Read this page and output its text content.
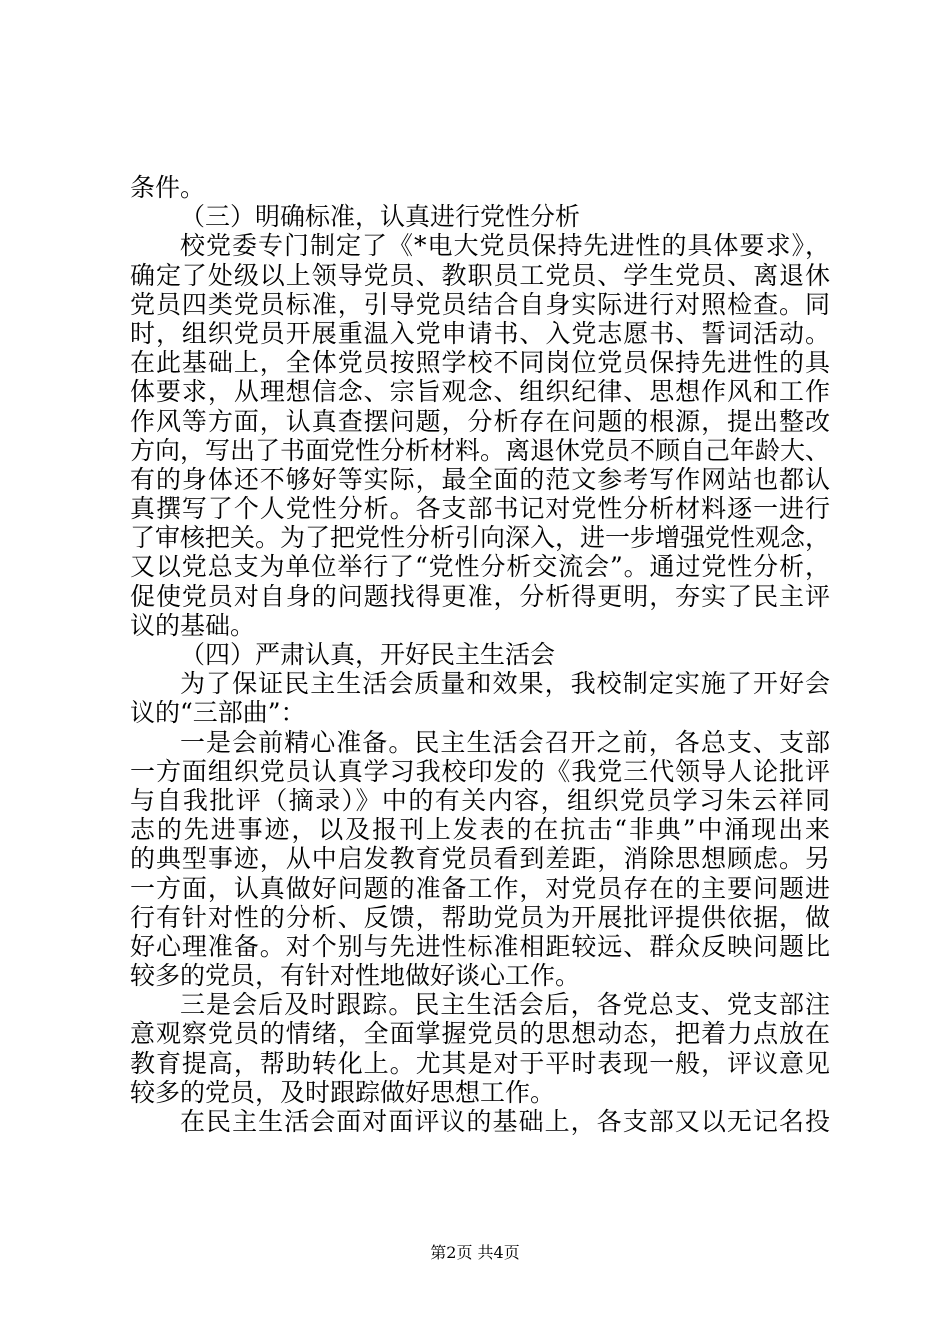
条件。
（三）明确标准，认真进行党性分析
校党委专门制定了《*电大党员保持先进性的具体要求》，
确定了处级以上领导党员、教职员工党员、学生党员、离退休
党员四类党员标准，引导党员结合自身实际进行对照检查。同
时，组织党员开展重温入党申请书、入党志愿书、誓词活动。
在此基础上，全体党员按照学校不同岗位党员保持先进性的具
体要求，从理想信念、宗旨观念、组织纪律、思想作风和工作
作风等方面，认真查摆问题，分析存在问题的根源，提出整改
方向，写出了书面党性分析材料。离退休党员不顾自己年龄大、
有的身体还不够好等实际，最全面的范文参考写作网站也都认
真撰写了个人党性分析。各支部书记对党性分析材料逐一进行
了审核把关。为了把党性分析引向深入，进一步增强党性观念，
又以党总支为单位举行了“党性分析交流会”。通过党性分析，
促使党员对自身的问题找得更准，分析得更明，夯实了民主评
议的基础。
（四）严肃认真，开好民主生活会
为了保证民主生活会质量和效果，我校制定实施了开好会
议的“三部曲”：
一是会前精心准备。民主生活会召开之前，各总支、支部
一方面组织党员认真学习我校印发的《我党三代领导人论批评
与自我批评（摘录）》中的有关内容，组织党员学习朱云祥同
志的先进事迹，以及报刊上发表的在抗击“非典”中涌现出来
的典型事迹，从中启发教育党员看到差距，消除思想顾虑。另
一方面，认真做好问题的准备工作，对党员存在的主要问题进
行有针对性的分析、反馈，帮助党员为开展批评提供依据，做
好心理准备。对个别与先进性标准相距较远、群众反映问题比
较多的党员，有针对性地做好谈心工作。
三是会后及时跟踪。民主生活会后，各党总支、党支部注
意观察党员的情绪，全面掌握党员的思想动态，把着力点放在
教育提高，帮助转化上。尤其是对于平时表现一般，评议意见
较多的党员，及时跟踪做好思想工作。
在民主生活会面对面评议的基础上，各支部又以无记名投
第2页 共4页
